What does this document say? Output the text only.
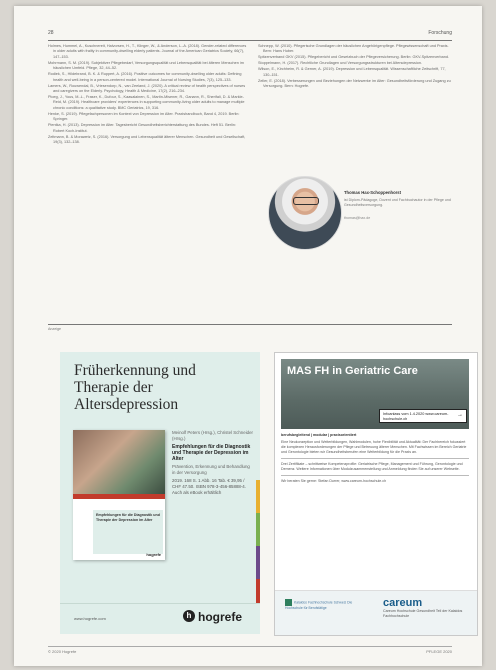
28	Forschung

Holmes, Hummel, A., Kuschnereit, Halvorsen, H., T., Klinger, W., & Anderson, L.-A. (2018). Gender-related differences in older adults with frailty in community-dwelling elderly patients. Journal of the American Geriatrics Society, 66(7), 147–153.

Mohrmann, S. M. (2019). Subjektiver Pflegebedarf, Versorgungsqualität und Lebensqualität bei älteren Menschen im häuslichen Umfeld. Pflege, 32, 44–52.

Rodiek, S., Hildebrand, B. K. & Ruppert, A. (2016). Positive outcomes for community-dwelling older adults: Defining health and well-being in a person-centered model. International Journal of Nursing Studies, 7(3), 125–133.

Lamers, W., Rouwendal, B., Vriesendorp, N., van Zeeland, J. (2020). A critical review of health perspectives of nurses and caregivers on the Elderly. Psychology, Health & Medicine, 17(2), 216–234.

Ploeg, J., Yous, M.-L., Fraser, K., Dufour, S., Kaasalainen, S., Martin-Misener, R., Ganann, R., Sherifali, D. & Markle-Reid, M. (2019). Healthcare providers' experiences in supporting community-living older adults to manage multiple chronic conditions: a qualitative study. BMC Geriatrics, 19, 316.

Henke, S. (2019). Pflegefachpersonen im Kontext von Depression im Alter. Praxishandbuch, Band 4, 2019. Berlin: Springer.

Pientka, H. (2013). Depression im Alter. Tagesbericht Gesundheitsberichterstattung des Bundes. Heft 51. Berlin: Robert Koch-Institut.

Zeltmann, B. & Morawetz, S. (2016). Versorgung und Lebensqualität älterer Menschen. Gesundheit und Gesellschaft, 19(3), 132–138.

Schnepp, W. (2010). Pflegerische Grundlagen der häuslichen Angehörigenpflege. Pflegewissenschaft und Praxis. Bern: Hans Huber.

Spitzenverband GKV (2015). Pflegebericht und Gesetzbuch der Pflegeversicherung. Berlin: GKV-Spitzenverband.

Stoppelmann, H. (2017). Rechtliche Grundlagen und Versorgungsstrukturen bei Altersdepression.

Wilson, E., Kirchheim, R. & Gerner, A. (2019). Depression und Lebensqualität. Wissenschaftliche Zeitschrift, 77, 130–151.

Zeller, E. (2018). Verbesserungen und Beziehungen der Netzwerke im Alter: Gesundheitsförderung und Zugang zu Versorgung. Bern: Hogrefe.

Thomas Hax-Schoppenhorst
ist Diplom-Pädagoge, Dozent und Fachbuchautor in der Pflege und Gesundheitsversorgung.
thomas@hax.de
Anzeige
Früherkennung und Therapie der Altersdepression
Empfehlungen für die Diagnostik und Therapie der Depression im Alter
hogrefe
Meinolf Peters (Hrsg.), Christel Schneider (Hrsg.)
Empfehlungen für die Diagnostik und Therapie der Depression im Alter
Prävention, Erkennung und Behandlung in der Versorgung
2019. 168 S. 1 Abb. 16 Tab. € 39,95 / CHF 47.50. ISBN 978-3-456-85888-4. Auch als eBook erhältlich
www.hogrefe.com	h hogrefe
MAS FH in Geriatric Care
Infoanlass vom 1.4.2020 www.careum-hochschule.ch
→
berufsbegleitend | modular | praxisorientiert
Eine Neukonzeption und Weiterbildungen, Wahlmodulen, hohe Flexibilität und Aktualität: Der Fachbereich fokussiert die komplexen Herausforderungen der Pflege und Betreuung älterer Menschen. Mit Fachwissen im Bereich Geriatrie und Gerontologie bieten wir Gesundheitsberufen eine Weiterbildung für die Praxis an.
Drei Zertifikate – schrittweise Kompetenzprofile: Geriatrische Pflege, Management und Führung, Gerontologie und Demenz. Weitere Informationen über Modulzusammenstellung und Anmeldung finden Sie auf unserer Webseite.
Wir beraten Sie gerne: Stefan Durrer, www.careum-hochschule.ch
Kalaidos Fachhochschule Schweiz Die Hochschule für Berufstätige	careum
Careum Hochschule Gesundheit Teil der Kalaidos Fachhochschule
© 2020 Hogrefe	PFLEGE 2020
